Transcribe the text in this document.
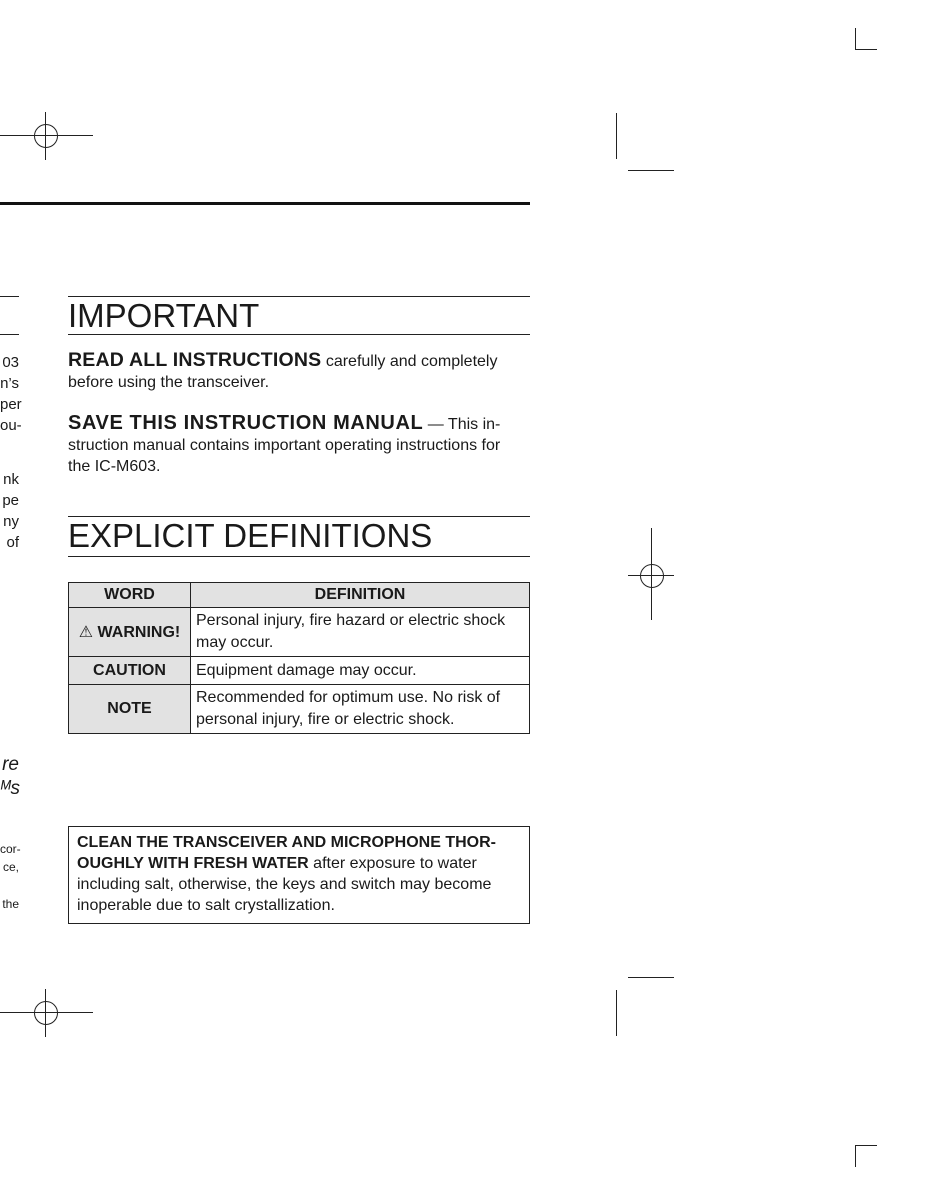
03
n’s
per
ou-
nk
pe
ny
of
re
ᴹs
cor-
ce,
the
IMPORTANT
READ ALL INSTRUCTIONS carefully and completely
before using the transceiver.
SAVE THIS INSTRUCTION MANUAL — This in-
struction manual contains important operating instructions for
the IC-M603.
EXPLICIT DEFINITIONS
WORD	DEFINITION
⚠ WARNING!	Personal injury, fire hazard or electric shock may occur.
CAUTION	Equipment damage may occur.
NOTE	Recommended for optimum use. No risk of personal injury, fire or electric shock.
CLEAN THE TRANSCEIVER AND MICROPHONE THOR-
OUGHLY WITH FRESH WATER after exposure to water
including salt, otherwise, the keys and switch may become
inoperable due to salt crystallization.
